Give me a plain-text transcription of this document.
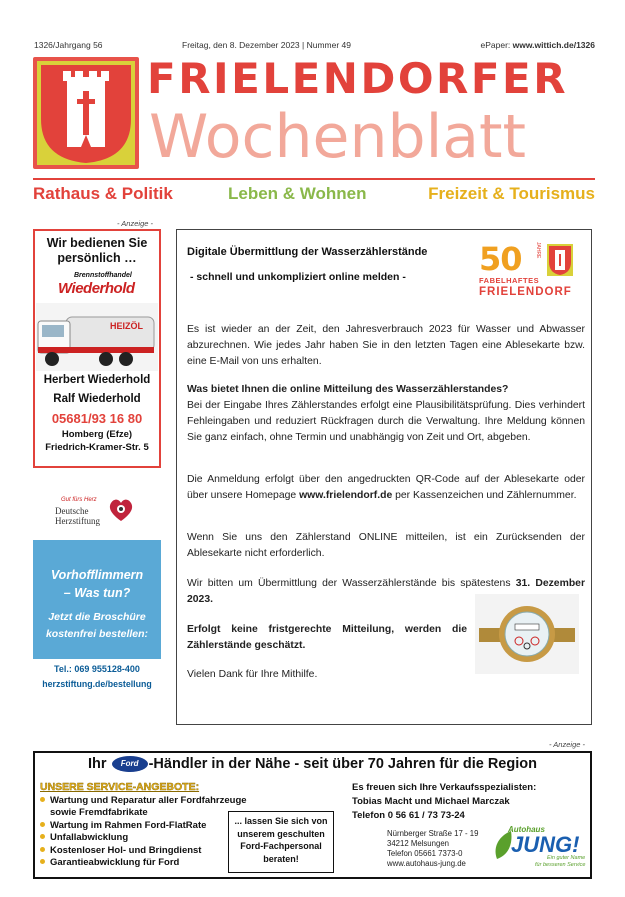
1326/Jahrgang 56	Freitag, den 8. Dezember 2023 | Nummer 49	ePaper: www.wittich.de/1326
FRIELENDORFER
Wochenblatt
Rathaus & Politik	Leben & Wohnen	Freizeit & Tourismus
- Anzeige -
Wir bedienen Sie
persönlich …
Brennstoffhandel
Wiederhold
HEIZÖL
Herbert Wiederhold
Ralf Wiederhold
05681/93 16 80
Homberg (Efze)
Friedrich-Kramer-Str. 5
Gut fürs Herz
Deutsche
Herzstiftung
Vorhofflimmern
– Was tun?
Jetzt die Broschüre
kostenfrei bestellen:
Tel.: 069 955128-400
herzstiftung.de/bestellung
Digitale Übermittlung der Wasserzählerstände
- schnell und unkompliziert online melden - 50	JAHRE
FABELHAFTES
FRIELENDORF
Es ist wieder an der Zeit, den Jahresverbrauch 2023 für Wasser und Abwasser abzurechnen. Wie jedes Jahr haben Sie in den letzten Tagen eine Ablesekarte bzw. eine E-Mail von uns erhalten.
Was bietet Ihnen die online Mitteilung des Wasserzählerstandes?
Bei der Eingabe Ihres Zählerstandes erfolgt eine Plausibilitätsprüfung. Dies verhindert Fehleingaben und reduziert Rückfragen durch die Verwaltung. Ihre Meldung können Sie ganz einfach, ohne Termin und unabhängig von Zeit und Ort, abgeben.
Die Anmeldung erfolgt über den angedruckten QR-Code auf der Ablesekarte oder über unsere Homepage www.frielendorf.de per Kassenzeichen und Zählernummer.
Wenn Sie uns den Zählerstand ONLINE mitteilen, ist ein Zurücksenden der Ablesekarte nicht erforderlich.
Wir bitten um Übermittlung der Wasserzählerstände bis spätestens 31. Dezember 2023.
Erfolgt keine fristgerechte Mitteilung, werden die Zählerstände geschätzt.
Vielen Dank für Ihre Mithilfe.
- Anzeige -
Ihr Ford -Händler in der Nähe - seit über 70 Jahren für die Region
UNSERE SERVICE-ANGEBOTE:
Wartung und Reparatur aller Fordfahrzeuge
sowie Fremdfabrikate
Wartung im Rahmen Ford-FlatRate
Unfallabwicklung
Kostenloser Hol- und Bringdienst
Garantieabwicklung für Ford
... lassen Sie sich von
unserem geschulten
Ford-Fachpersonal
beraten!
Es freuen sich Ihre Verkaufsspezialisten:
Tobias Macht und Michael Marczak
Telefon 0 56 61 / 73 73-24
Nürnberger Straße 17 - 19
34212 Melsungen
Telefon 05661 7373-0
www.autohaus-jung.de
Autohaus
JUNG!
Ein guter Name
für besseren Service
